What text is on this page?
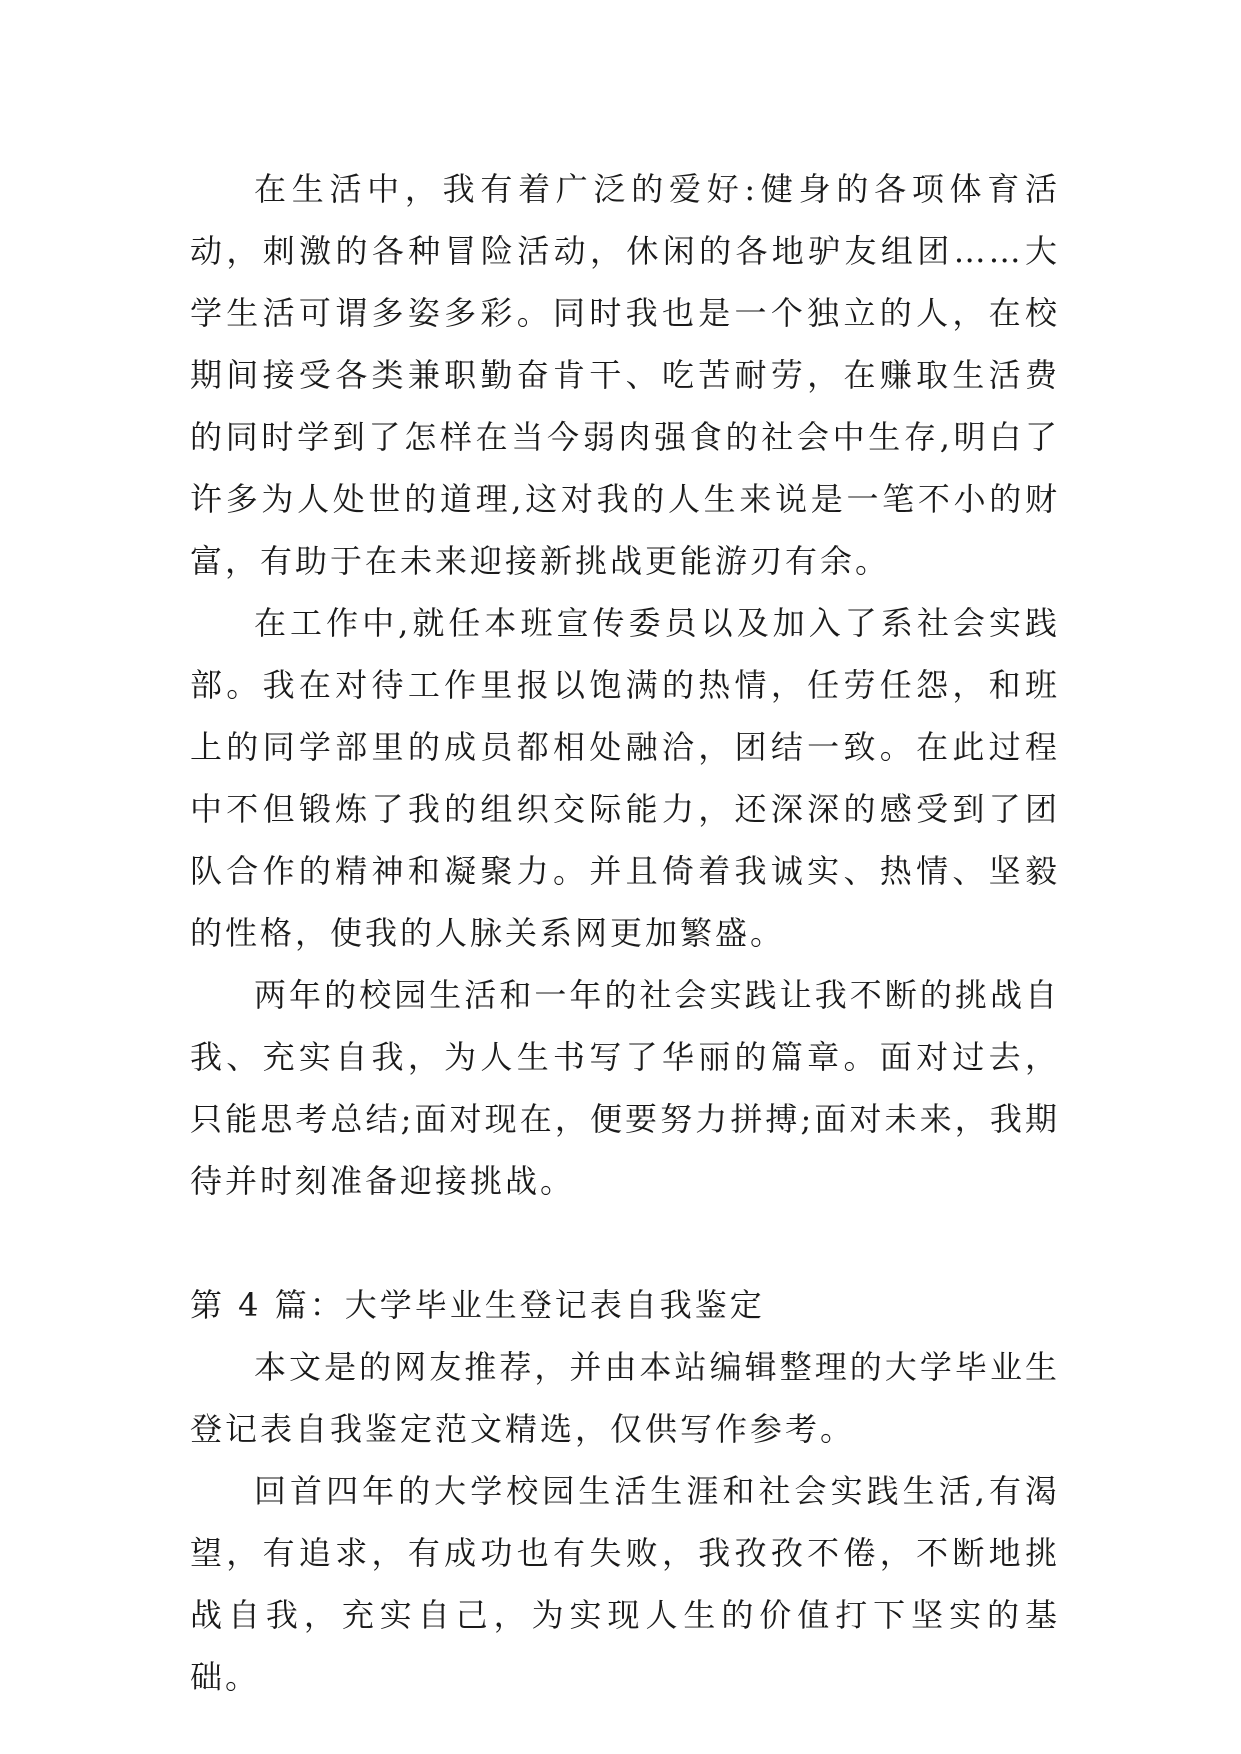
在生活中，我有着广泛的爱好:健身的各项体育活动，刺激的各种冒险活动，休闲的各地驴友组团……大学生活可谓多姿多彩。同时我也是一个独立的人，在校期间接受各类兼职勤奋肯干、吃苦耐劳，在赚取生活费的同时学到了怎样在当今弱肉强食的社会中生存,明白了许多为人处世的道理,这对我的人生来说是一笔不小的财富，有助于在未来迎接新挑战更能游刃有余。

在工作中,就任本班宣传委员以及加入了系社会实践部。我在对待工作里报以饱满的热情，任劳任怨，和班上的同学部里的成员都相处融洽，团结一致。在此过程中不但锻炼了我的组织交际能力，还深深的感受到了团队合作的精神和凝聚力。并且倚着我诚实、热情、坚毅的性格，使我的人脉关系网更加繁盛。

两年的校园生活和一年的社会实践让我不断的挑战自我、充实自我，为人生书写了华丽的篇章。面对过去，只能思考总结;面对现在，便要努力拼搏;面对未来，我期待并时刻准备迎接挑战。

第 4 篇：大学毕业生登记表自我鉴定

本文是的网友推荐，并由本站编辑整理的大学毕业生登记表自我鉴定范文精选，仅供写作参考。

回首四年的大学校园生活生涯和社会实践生活,有渴望，有追求，有成功也有失败，我孜孜不倦，不断地挑战自我，充实自己，为实现人生的价值打下坚实的基础。
